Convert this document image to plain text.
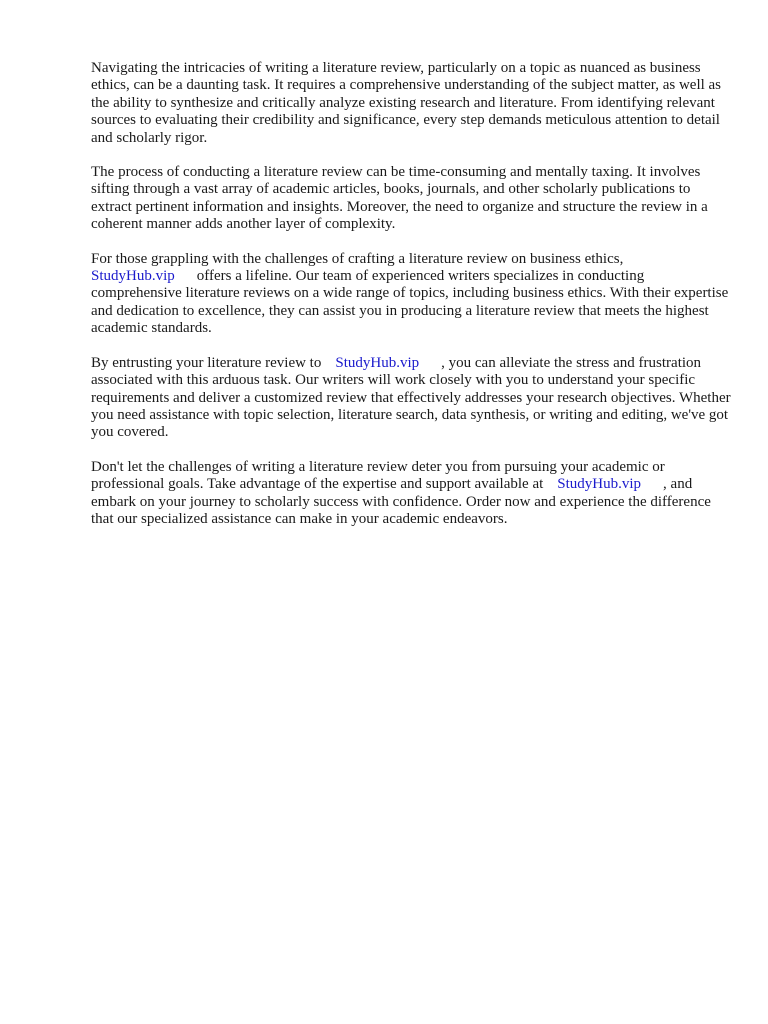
Navigating the intricacies of writing a literature review, particularly on a topic as nuanced as business ethics, can be a daunting task. It requires a comprehensive understanding of the subject matter, as well as the ability to synthesize and critically analyze existing research and literature. From identifying relevant sources to evaluating their credibility and significance, every step demands meticulous attention to detail and scholarly rigor.

The process of conducting a literature review can be time-consuming and mentally taxing. It involves sifting through a vast array of academic articles, books, journals, and other scholarly publications to extract pertinent information and insights. Moreover, the need to organize and structure the review in a coherent manner adds another layer of complexity.

For those grappling with the challenges of crafting a literature review on business ethics,
StudyHub.vip offers a lifeline. Our team of experienced writers specializes in conducting comprehensive literature reviews on a wide range of topics, including business ethics. With their expertise and dedication to excellence, they can assist you in producing a literature review that meets the highest academic standards.

By entrusting your literature review to StudyHub.vip , you can alleviate the stress and frustration associated with this arduous task. Our writers will work closely with you to understand your specific requirements and deliver a customized review that effectively addresses your research objectives. Whether you need assistance with topic selection, literature search, data synthesis, or writing and editing, we've got you covered.

Don't let the challenges of writing a literature review deter you from pursuing your academic or professional goals. Take advantage of the expertise and support available at StudyHub.vip , and embark on your journey to scholarly success with confidence. Order now and experience the difference that our specialized assistance can make in your academic endeavors.
